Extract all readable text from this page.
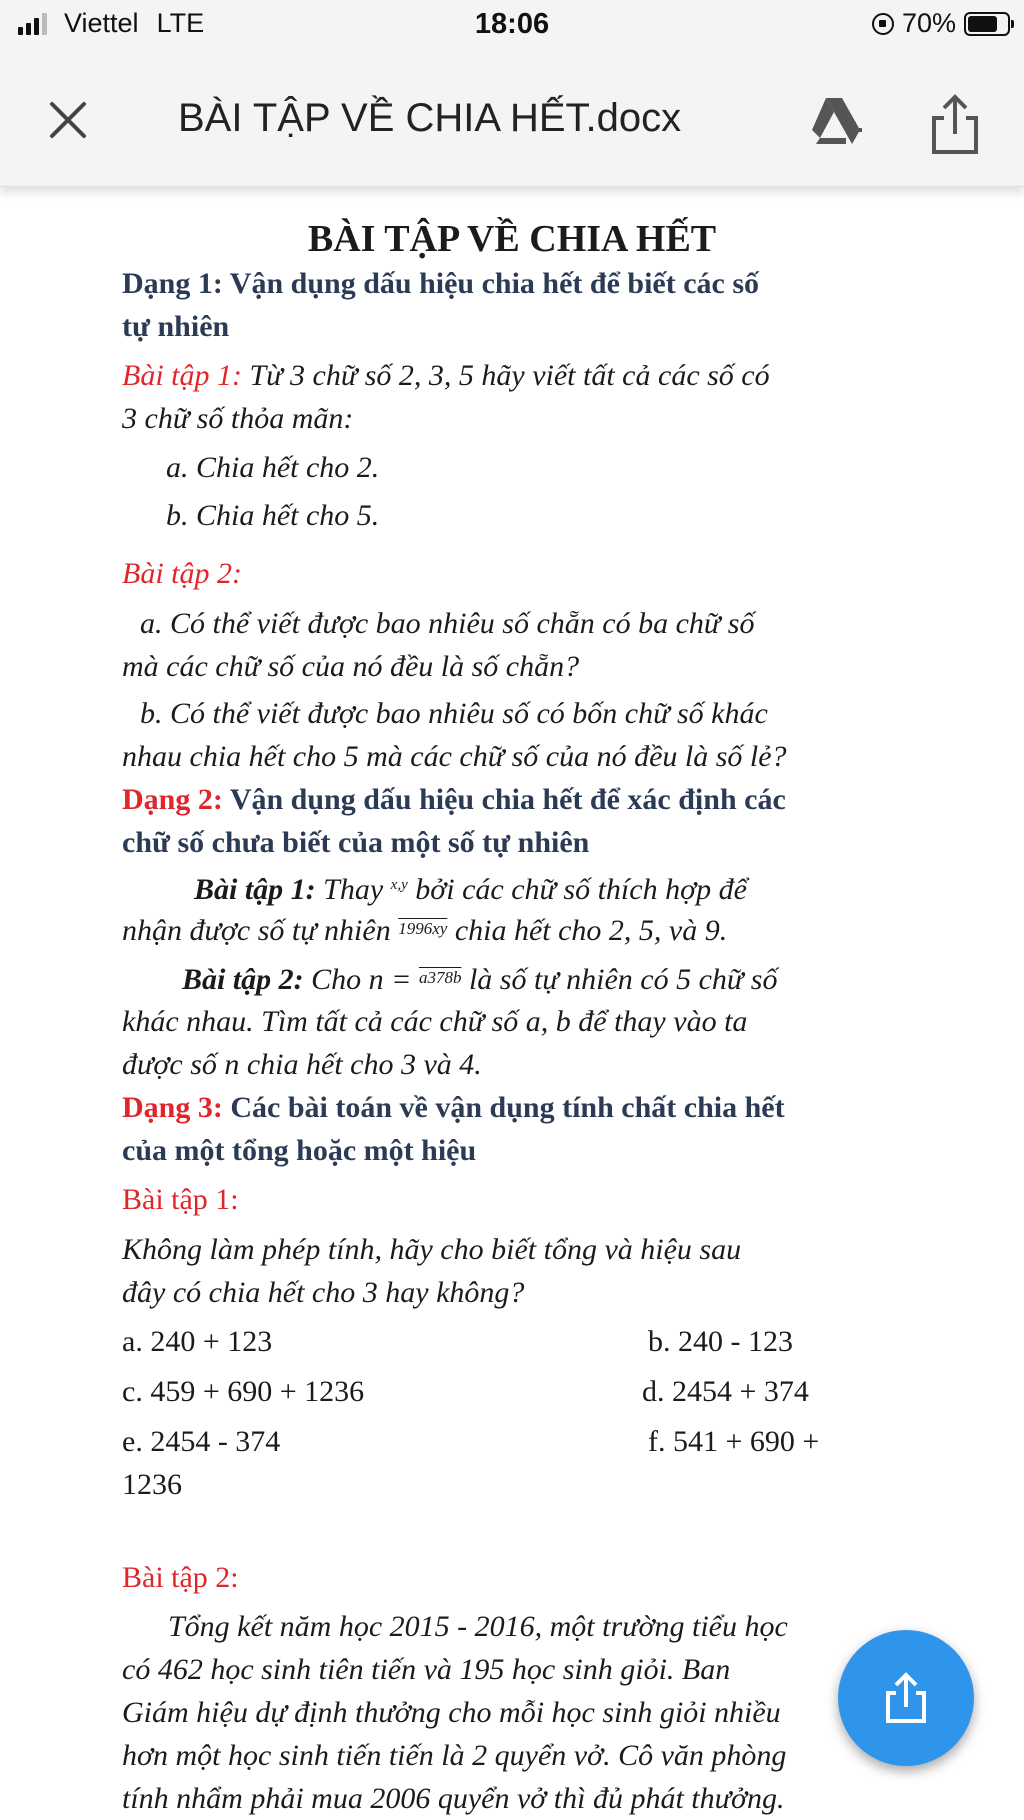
Viettel LTE	18:06	70%
BÀI TẬP VỀ CHIA HẾT.docx

BÀI TẬP VỀ CHIA HẾT

Dạng 1: Vận dụng dấu hiệu chia hết để biết các số

tự nhiên

Bài tập 1: Từ 3 chữ số 2, 3, 5 hãy viết tất cả các số có

3 chữ số thỏa mãn:

a. Chia hết cho 2.

b. Chia hết cho 5.

Bài tập 2:

a. Có thể viết được bao nhiêu số chẵn có ba chữ số

mà các chữ số của nó đều là số chẵn?

b. Có thể viết được bao nhiêu số có bốn chữ số khác

nhau chia hết cho 5 mà các chữ số của nó đều là số lẻ?

Dạng 2: Vận dụng dấu hiệu chia hết để xác định các

chữ số chưa biết của một số tự nhiên

Bài tập 1: Thay $^{x,y}$ bởi các chữ số thích hợp để

nhận được số tự nhiên $^{1996xy}$ chia hết cho 2, 5, và 9.

Bài tập 2: Cho n = $^{a378b}$ là số tự nhiên có 5 chữ số

khác nhau. Tìm tất cả các chữ số a, b để thay vào ta

được số n chia hết cho 3 và 4.

Dạng 3: Các bài toán về vận dụng tính chất chia hết

của một tổng hoặc một hiệu

Bài tập 1:

Không làm phép tính, hãy cho biết tổng và hiệu sau

đây có chia hết cho 3 hay không?

a. 240 + 123	b. 240 - 123

c. 459 + 690 + 1236	d. 2454 + 374

e. 2454 - 374	f. 541 + 690 +

1236

Bài tập 2:

Tổng kết năm học 2015 - 2016, một trường tiểu học

có 462 học sinh tiên tiến và 195 học sinh giỏi. Ban

Giám hiệu dự định thưởng cho mỗi học sinh giỏi nhiều

hơn một học sinh tiến tiến là 2 quyển vở. Cô văn phòng

tính nhẩm phải mua 2006 quyển vở thì đủ phát thưởng.
